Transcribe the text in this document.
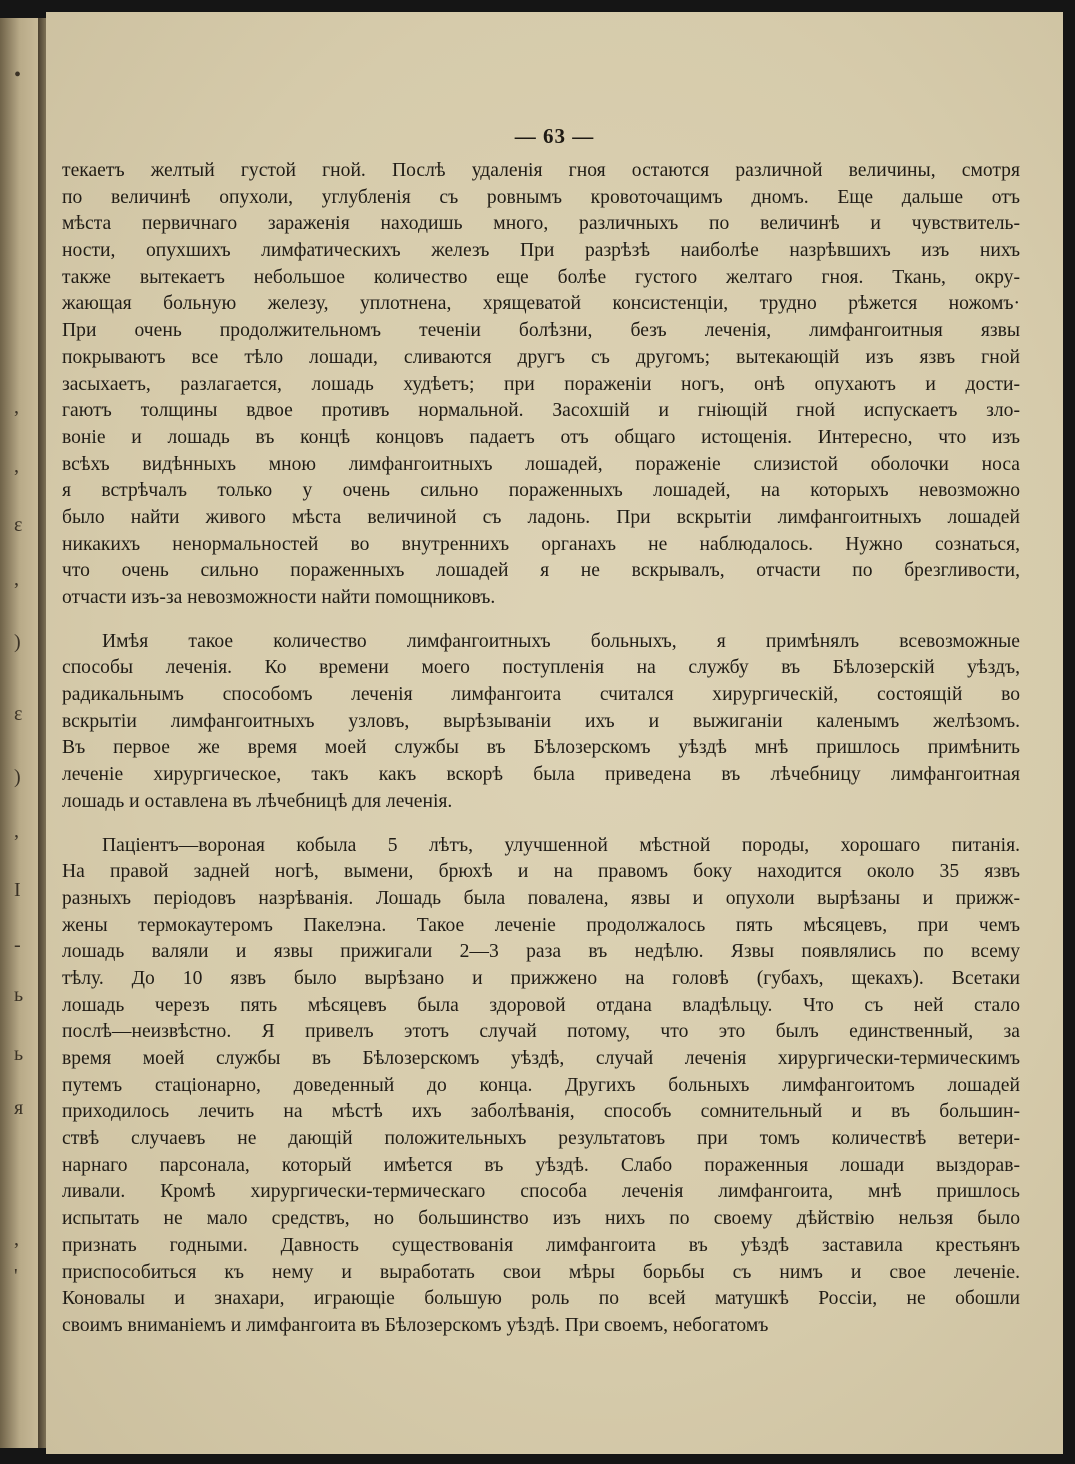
•
,
,
ɛ
,
)
ɛ
)
,
I
-
ь
ь
я
,
'
— 63 —
текаетъ желтый густой гной. Послѣ удаленія гноя остаются различной величины, смотря
по величинѣ опухоли, углубленія съ ровнымъ кровоточащимъ дномъ. Еще дальше отъ
мѣста первичнаго зараженія находишь много, различныхъ по величинѣ и чувствитель-
ности, опухшихъ лимфатическихъ железъ При разрѣзѣ наиболѣе назрѣвшихъ изъ нихъ
также вытекаетъ небольшое количество еще болѣе густого желтаго гноя. Ткань, окру-
жающая больную железу, уплотнена, хрящеватой консистенціи, трудно рѣжется ножомъ·
При очень продолжительномъ теченіи болѣзни, безъ леченія, лимфангоитныя язвы
покрываютъ все тѣло лошади, сливаются другъ съ другомъ; вытекающій изъ язвъ гной
засыхаетъ, разлагается, лошадь худѣетъ; при пораженіи ногъ, онѣ опухаютъ и дости-
гаютъ толщины вдвое противъ нормальной. Засохшій и гніющій гной испускаетъ зло-
воніе и лошадь въ концѣ концовъ падаетъ отъ общаго истощенія. Интересно, что изъ
всѣхъ видѣнныхъ мною лимфангоитныхъ лошадей, пораженіе слизистой оболочки носа
я встрѣчалъ только у очень сильно пораженныхъ лошадей, на которыхъ невозможно
было найти живого мѣста величиной съ ладонь. При вскрытіи лимфангоитныхъ лошадей
никакихъ ненормальностей во внутреннихъ органахъ не наблюдалось. Нужно сознаться,
что очень сильно пораженныхъ лошадей я не вскрывалъ, отчасти по брезгливости,
отчасти изъ-за невозможности найти помощниковъ.
Имѣя такое количество лимфангоитныхъ больныхъ, я примѣнялъ всевозможные
способы леченія. Ко времени моего поступленія на службу въ Бѣлозерскій уѣздъ,
радикальнымъ способомъ леченія лимфангоита считался хирургическій, состоящій во
вскрытіи лимфангоитныхъ узловъ, вырѣзываніи ихъ и выжиганіи каленымъ желѣзомъ.
Въ первое же время моей службы въ Бѣлозерскомъ уѣздѣ мнѣ пришлось примѣнить
леченіе хирургическое, такъ какъ вскорѣ была приведена въ лѣчебницу лимфангоитная
лошадь и оставлена въ лѣчебницѣ для леченія.
Паціентъ—вороная кобыла 5 лѣтъ, улучшенной мѣстной породы, хорошаго питанія.
На правой задней ногѣ, вымени, брюхѣ и на правомъ боку находится около 35 язвъ
разныхъ періодовъ назрѣванія. Лошадь была повалена, язвы и опухоли вырѣзаны и прижж-
жены термокаутеромъ Пакелэна. Такое леченіе продолжалось пять мѣсяцевъ, при чемъ
лошадь валяли и язвы прижигали 2—3 раза въ недѣлю. Язвы появлялись по всему
тѣлу. До 10 язвъ было вырѣзано и прижжено на головѣ (губахъ, щекахъ). Всетаки
лошадь черезъ пять мѣсяцевъ была здоровой отдана владѣльцу. Что съ ней стало
послѣ—неизвѣстно. Я привелъ этотъ случай потому, что это былъ единственный, за
время моей службы въ Бѣлозерскомъ уѣздѣ, случай леченія хирургически-термическимъ
путемъ стаціонарно, доведенный до конца. Другихъ больныхъ лимфангоитомъ лошадей
приходилось лечить на мѣстѣ ихъ заболѣванія, способъ сомнительный и въ большин-
ствѣ случаевъ не дающій положительныхъ результатовъ при томъ количествѣ ветери-
нарнаго парсонала, который имѣется въ уѣздѣ. Слабо пораженныя лошади выздорав-
ливали. Кромѣ хирургически-термическаго способа леченія лимфангоита, мнѣ пришлось
испытать не мало средствъ, но большинство изъ нихъ по своему дѣйствію нельзя было
признать годными. Давность существованія лимфангоита въ уѣздѣ заставила крестьянъ
приспособиться къ нему и выработать свои мѣры борьбы съ нимъ и свое леченіе.
Коновалы и знахари, играющіе большую роль по всей матушкѣ Россіи, не обошли
своимъ вниманіемъ и лимфангоита въ Бѣлозерскомъ уѣздѣ. При своемъ, небогатомъ
